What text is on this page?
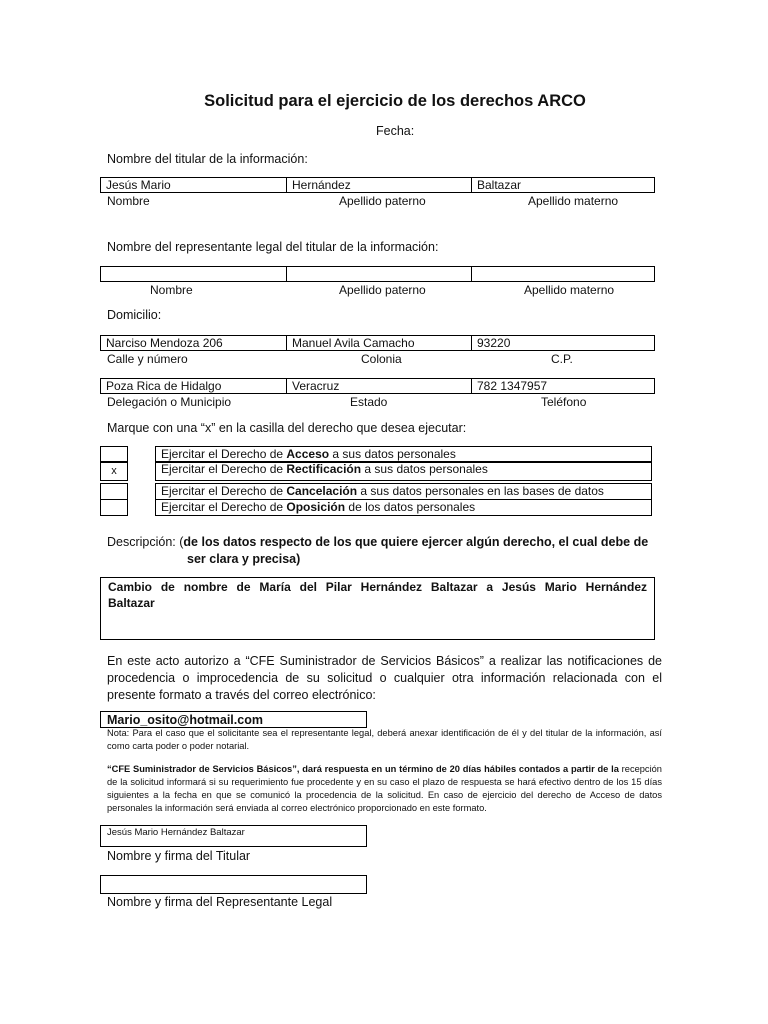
Solicitud para el ejercicio de los derechos ARCO
Fecha:
Nombre del titular de la información:
Jesús Mario	Hernández	Baltazar
Nombre	Apellido paterno	Apellido materno
Nombre del representante legal del titular de la información:
Nombre	Apellido paterno	Apellido materno
Domicilio:
Narciso Mendoza 206	Manuel Avila Camacho	93220
Calle y número	Colonia	C.P.
Poza Rica de Hidalgo	Veracruz	782 1347957
Delegación o Municipio	Estado	Teléfono
Marque con una “x” en la casilla del derecho que desea ejecutar:
Ejercitar el Derecho de Acceso a sus datos personales
x	Ejercitar el Derecho de Rectificación a sus datos personales
Ejercitar el Derecho de Cancelación a sus datos personales en las bases de datos
Ejercitar el Derecho de Oposición de los datos personales
Descripción: (de los datos respecto de los que quiere ejercer algún derecho, el cual debe de
ser clara y precisa)
Cambio de nombre de María del Pilar Hernández Baltazar a Jesús Mario Hernández Baltazar
En este acto autorizo a “CFE Suministrador de Servicios Básicos” a realizar las notificaciones de procedencia o improcedencia de su solicitud o cualquier otra información relacionada con el presente formato a través del correo electrónico:
Mario_osito@hotmail.com
Nota: Para el caso que el solicitante sea el representante legal, deberá anexar identificación de él y del titular de la información, así como carta poder o poder notarial.
“CFE Suministrador de Servicios Básicos”, dará respuesta en un término de 20 días hábiles contados a partir de la recepción de la solicitud informará si su requerimiento fue procedente y en su caso el plazo de respuesta se hará efectivo dentro de los 15 días siguientes a la fecha en que se comunicó la procedencia de la solicitud. En caso de ejercicio del derecho de Acceso de datos personales la información será enviada al correo electrónico proporcionado en este formato.
Jesús Mario Hernández Baltazar
Nombre y firma del Titular
Nombre y firma del Representante Legal
